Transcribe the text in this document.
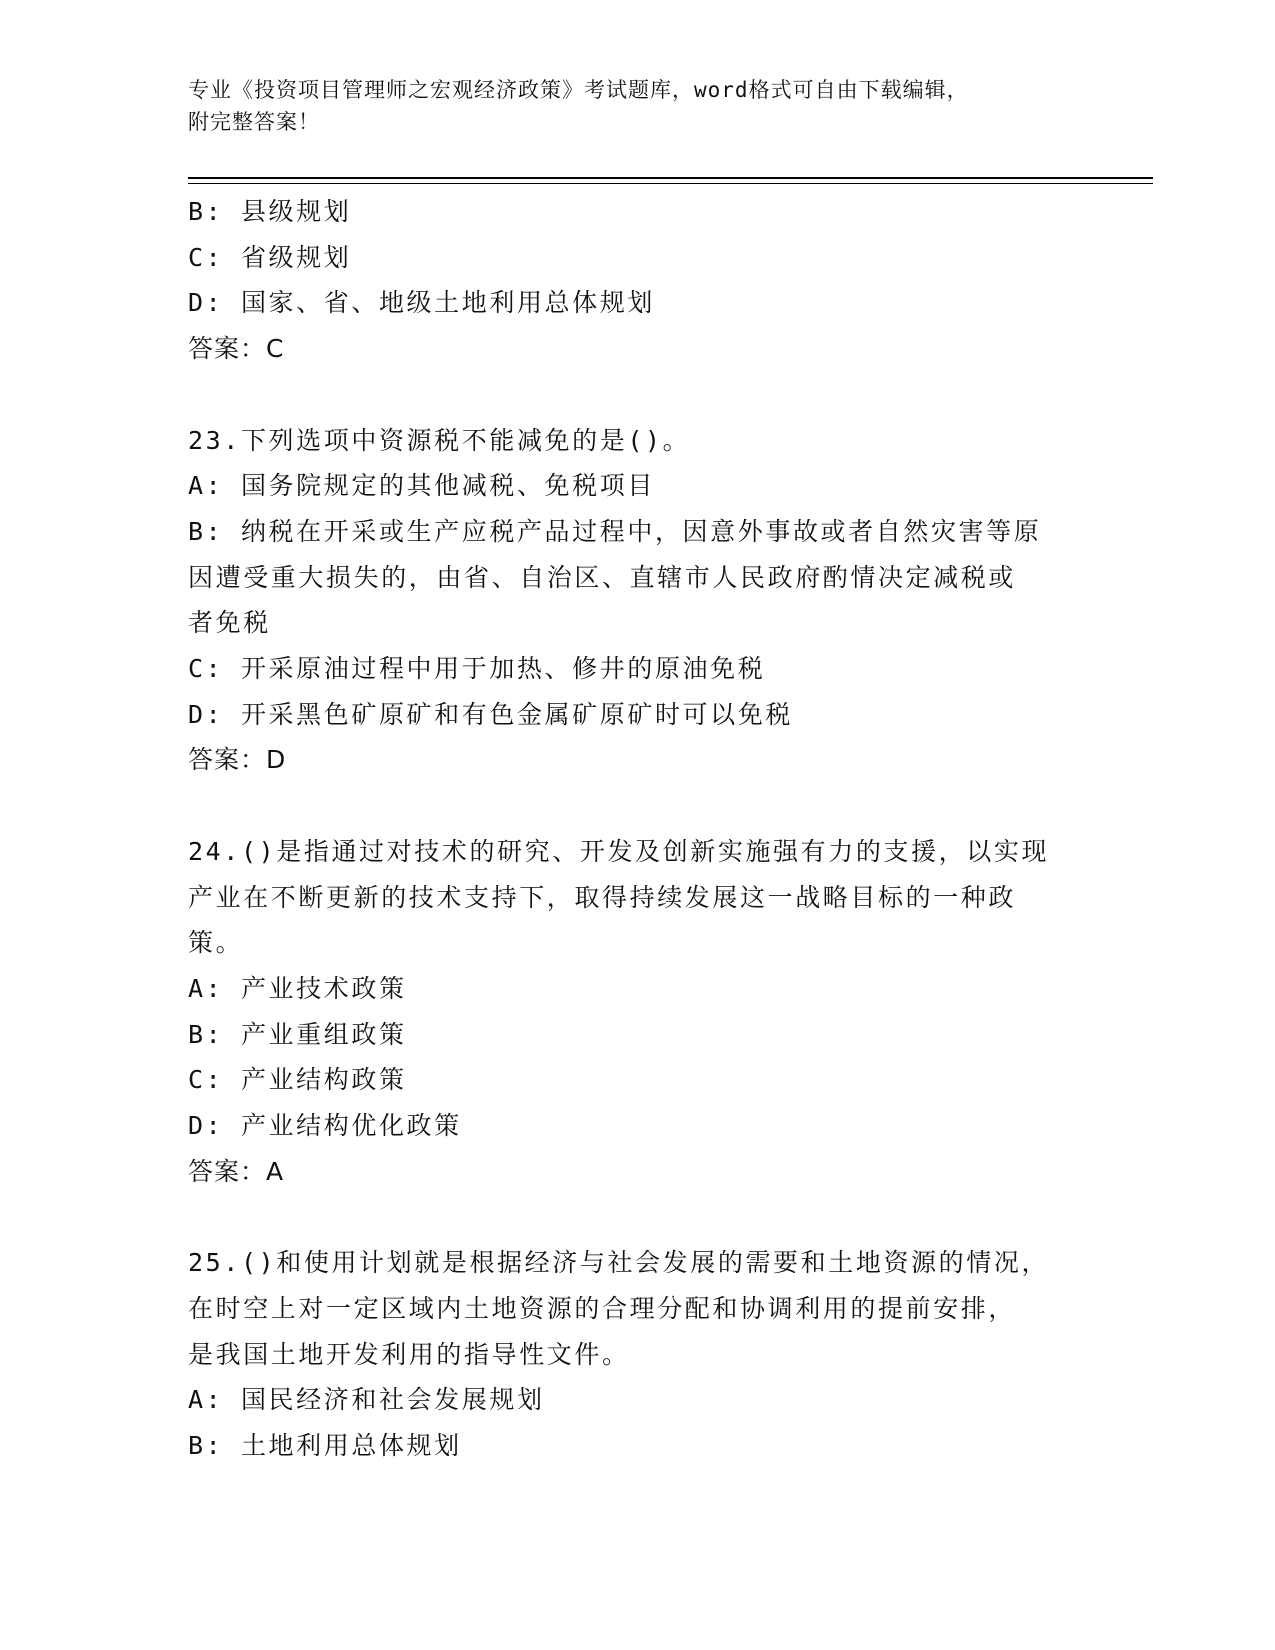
专业《投资项目管理师之宏观经济政策》考试题库，word格式可自由下载编辑，
附完整答案！
B: 县级规划
C: 省级规划
D: 国家、省、地级土地利用总体规划
答案：C
23.下列选项中资源税不能减免的是()。
A: 国务院规定的其他减税、免税项目
B: 纳税在开采或生产应税产品过程中，因意外事故或者自然灾害等原
因遭受重大损失的，由省、自治区、直辖市人民政府酌情决定减税或
者免税
C: 开采原油过程中用于加热、修井的原油免税
D: 开采黑色矿原矿和有色金属矿原矿时可以免税
答案：D
24.()是指通过对技术的研究、开发及创新实施强有力的支援，以实现
产业在不断更新的技术支持下，取得持续发展这一战略目标的一种政
策。
A: 产业技术政策
B: 产业重组政策
C: 产业结构政策
D: 产业结构优化政策
答案：A
25.()和使用计划就是根据经济与社会发展的需要和土地资源的情况，
在时空上对一定区域内土地资源的合理分配和协调利用的提前安排，
是我国土地开发利用的指导性文件。
A: 国民经济和社会发展规划
B: 土地利用总体规划
